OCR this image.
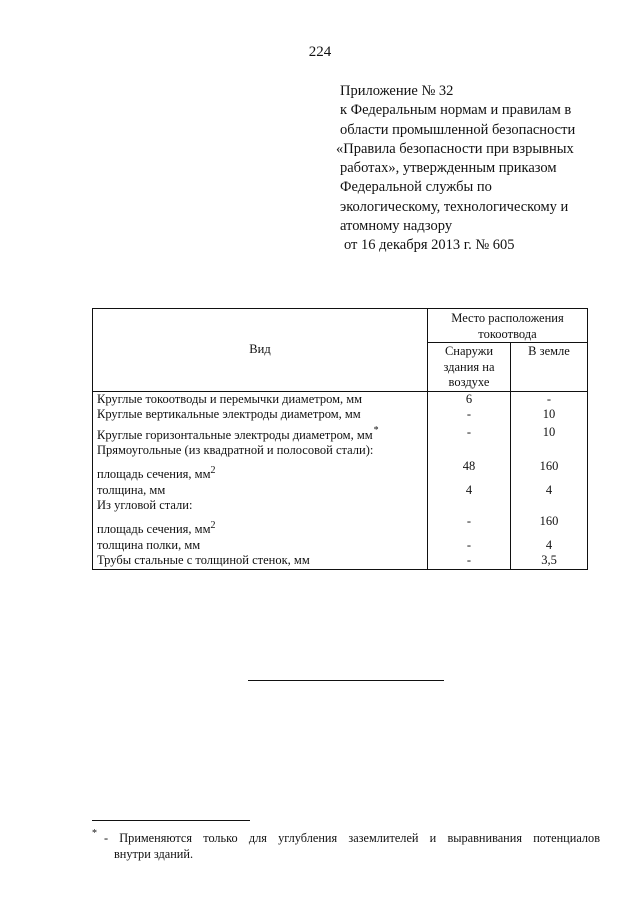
224
Приложение № 32
к Федеральным нормам и правилам в
области промышленной безопасности
«Правила безопасности при взрывных
работах», утвержденным приказом
Федеральной службы по
экологическому, технологическому и
атомному надзору
от 16 декабря 2013 г. № 605
Вид	Место расположения токоотвода	
	Снаружи здания на воздухе	В земле
Круглые токоотводы и перемычки диаметром, мм	6	-
Круглые вертикальные электроды диаметром, мм	-	10
Круглые горизонтальные электроды диаметром, мм*	-	10
Прямоугольные (из квадратной и полосовой стали):		
площадь сечения, $мм^2$	48	160
толщина, мм	4	4
Из угловой стали:		
площадь сечения, $мм^2$	-	160
толщина полки, мм	-	4
Трубы стальные с толщиной стенок, мм	-	3,5
* - Применяются только для углубления заземлителей и выравнивания потенциалов
внутри зданий.
